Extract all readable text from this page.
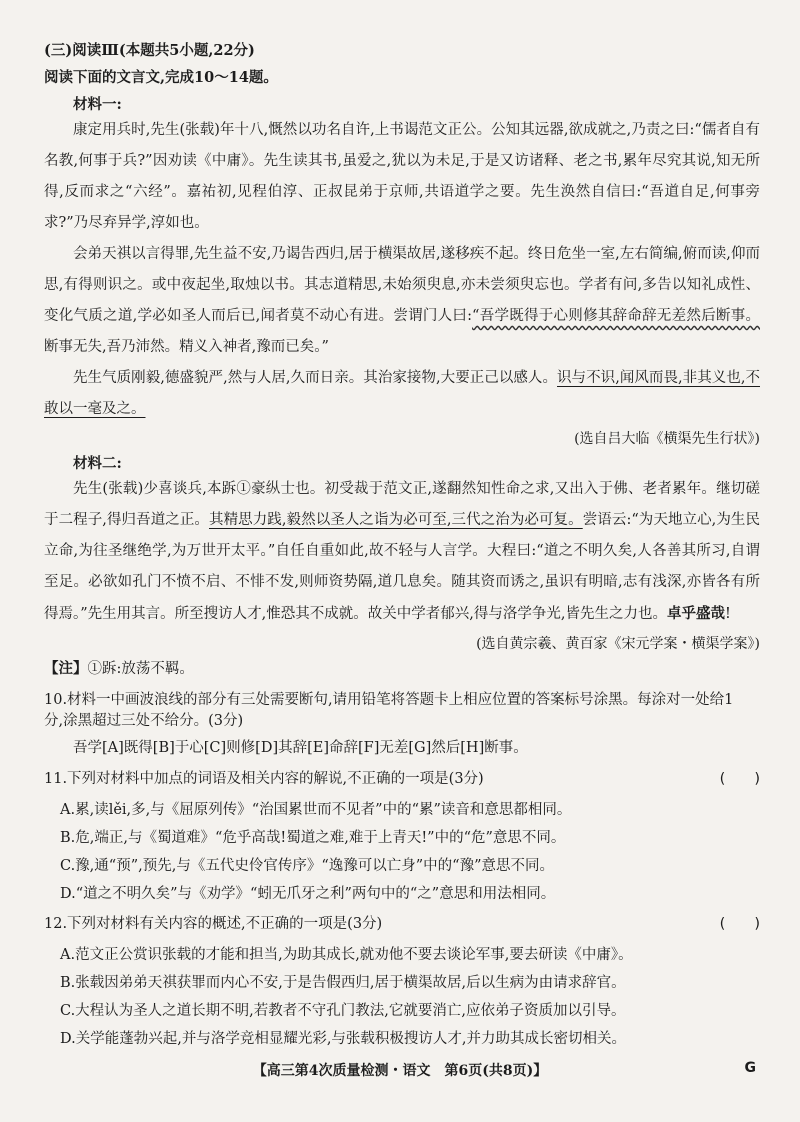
(三)阅读Ⅲ(本题共5小题,22分)
阅读下面的文言文,完成10～14题。
材料一:
康定用兵时,先生(张载)年十八,慨然以功名自许,上书谒范文正公。公知其远器,欲成就之,乃责之曰:“儒者自有名教,何事于兵?”因劝读《中庸》。先生读其书,虽爱之,犹以为未足,于是又访诸释、老之书,累年尽究其说,知无所得,反而求之“六经”。嘉祐初,见程伯淳、正叔昆弟于京师,共语道学之要。先生涣然自信曰:“吾道自足,何事旁求?”乃尽弃异学,淳如也。
会弟天祺以言得罪,先生益不安,乃谒告西归,居于横渠故居,遂移疾不起。终日危坐一室,左右简编,俯而读,仰而思,有得则识之。或中夜起坐,取烛以书。其志道精思,未始须臾息,亦未尝须臾忘也。学者有问,多告以知礼成性、变化气质之道,学必如圣人而后已,闻者莫不动心有进。尝谓门人曰:“吾学既得于心则修其辞命辞无差然后断事。断事无失,吾乃沛然。精义入神者,豫而已矣。”
先生气质刚毅,德盛貌严,然与人居,久而日亲。其治家接物,大要正己以感人。识与不识,闻风而畏,非其义也,不敢以一毫及之。
(选自吕大临《横渠先生行状》)
材料二:
先生(张载)少喜谈兵,本跅①豪纵士也。初受裁于范文正,遂翻然知性命之求,又出入于佛、老者累年。继切磋于二程子,得归吾道之正。其精思力践,毅然以圣人之诣为必可至,三代之治为必可复。尝语云:“为天地立心,为生民立命,为往圣继绝学,为万世开太平。”自任自重如此,故不轻与人言学。大程曰:“道之不明久矣,人各善其所习,自谓至足。必欲如孔门不愤不启、不悱不发,则师资势隔,道几息矣。随其资而诱之,虽识有明暗,志有浅深,亦皆各有所得焉。”先生用其言。所至搜访人才,惟恐其不成就。故关中学者郁兴,得与洛学争光,皆先生之力也。卓乎盛哉!
(选自黄宗羲、黄百家《宋元学案・横渠学案》)
【注】①跅:放荡不羁。
10.材料一中画波浪线的部分有三处需要断句,请用铅笔将答题卡上相应位置的答案标号涂黑。每涂对一处给1
分,涂黑超过三处不给分。(3分)
吾学[A]既得[B]于心[C]则修[D]其辞[E]命辞[F]无差[G]然后[H]断事。
11.下列对材料中加点的词语及相关内容的解说,不正确的一项是(3分)	(　　)
A.累,读lěi,多,与《屈原列传》“治国累世而不见者”中的“累”读音和意思都相同。
B.危,端正,与《蜀道难》“危乎高哉!蜀道之难,难于上青天!”中的“危”意思不同。
C.豫,通“预”,预先,与《五代史伶官传序》“逸豫可以亡身”中的“豫”意思不同。
D.“道之不明久矣”与《劝学》“蚓无爪牙之利”两句中的“之”意思和用法相同。
12.下列对材料有关内容的概述,不正确的一项是(3分)	(　　)
A.范文正公赏识张载的才能和担当,为助其成长,就劝他不要去谈论军事,要去研读《中庸》。
B.张载因弟弟天祺获罪而内心不安,于是告假西归,居于横渠故居,后以生病为由请求辞官。
C.大程认为圣人之道长期不明,若教者不守孔门教法,它就要消亡,应依弟子资质加以引导。
D.关学能蓬勃兴起,并与洛学竞相显耀光彩,与张载积极搜访人才,并力助其成长密切相关。
【高三第4次质量检测・语文　第6页(共8页)】	G
